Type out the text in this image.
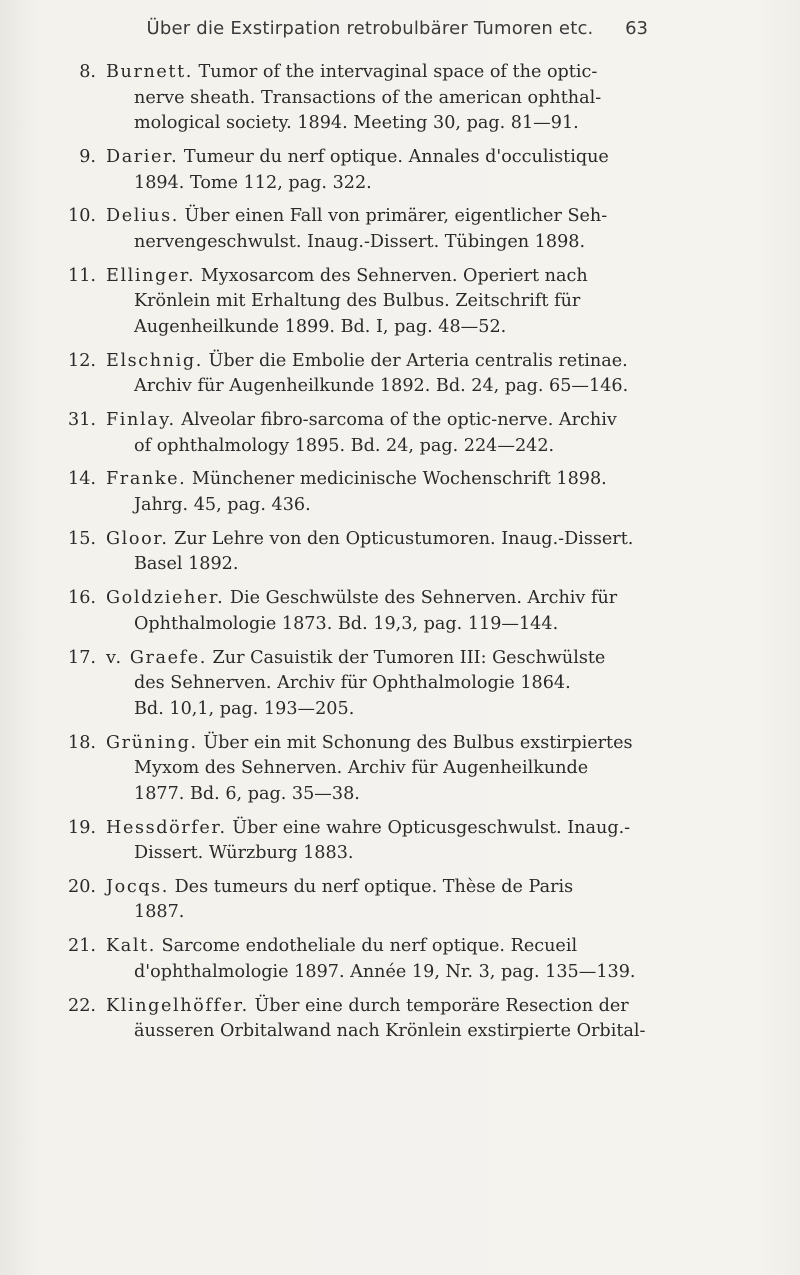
Über die Exstirpation retrobulbärer Tumoren etc.	63
8. Burnett. Tumor of the intervaginal space of the optic-
nerve sheath. Transactions of the american ophthal-
mological society. 1894. Meeting 30, pag. 81—91.
9. Darier. Tumeur du nerf optique. Annales d'occulistique
1894. Tome 112, pag. 322.
10. Delius. Über einen Fall von primärer, eigentlicher Seh-
nervengeschwulst. Inaug.-Dissert. Tübingen 1898.
11. Ellinger. Myxosarcom des Sehnerven. Operiert nach
Krönlein mit Erhaltung des Bulbus. Zeitschrift für
Augenheilkunde 1899. Bd. I, pag. 48—52.
12. Elschnig. Über die Embolie der Arteria centralis retinae.
Archiv für Augenheilkunde 1892. Bd. 24, pag. 65—146.
31. Finlay. Alveolar fibro-sarcoma of the optic-nerve. Archiv
of ophthalmology 1895. Bd. 24, pag. 224—242.
14. Franke. Münchener medicinische Wochenschrift 1898.
Jahrg. 45, pag. 436.
15. Gloor. Zur Lehre von den Opticustumoren. Inaug.-Dissert.
Basel 1892.
16. Goldzieher. Die Geschwülste des Sehnerven. Archiv für
Ophthalmologie 1873. Bd. 19,3, pag. 119—144.
17. v. Graefe. Zur Casuistik der Tumoren III: Geschwülste
des Sehnerven. Archiv für Ophthalmologie 1864.
Bd. 10,1, pag. 193—205.
18. Grüning. Über ein mit Schonung des Bulbus exstirpiertes
Myxom des Sehnerven. Archiv für Augenheilkunde
1877. Bd. 6, pag. 35—38.
19. Hessdörfer. Über eine wahre Opticusgeschwulst. Inaug.-
Dissert. Würzburg 1883.
20. Jocqs. Des tumeurs du nerf optique. Thèse de Paris
1887.
21. Kalt. Sarcome endotheliale du nerf optique. Recueil
d'ophthalmologie 1897. Année 19, Nr. 3, pag. 135—139.
22. Klingelhöffer. Über eine durch temporäre Resection der
äusseren Orbitalwand nach Krönlein exstirpierte Orbital-
